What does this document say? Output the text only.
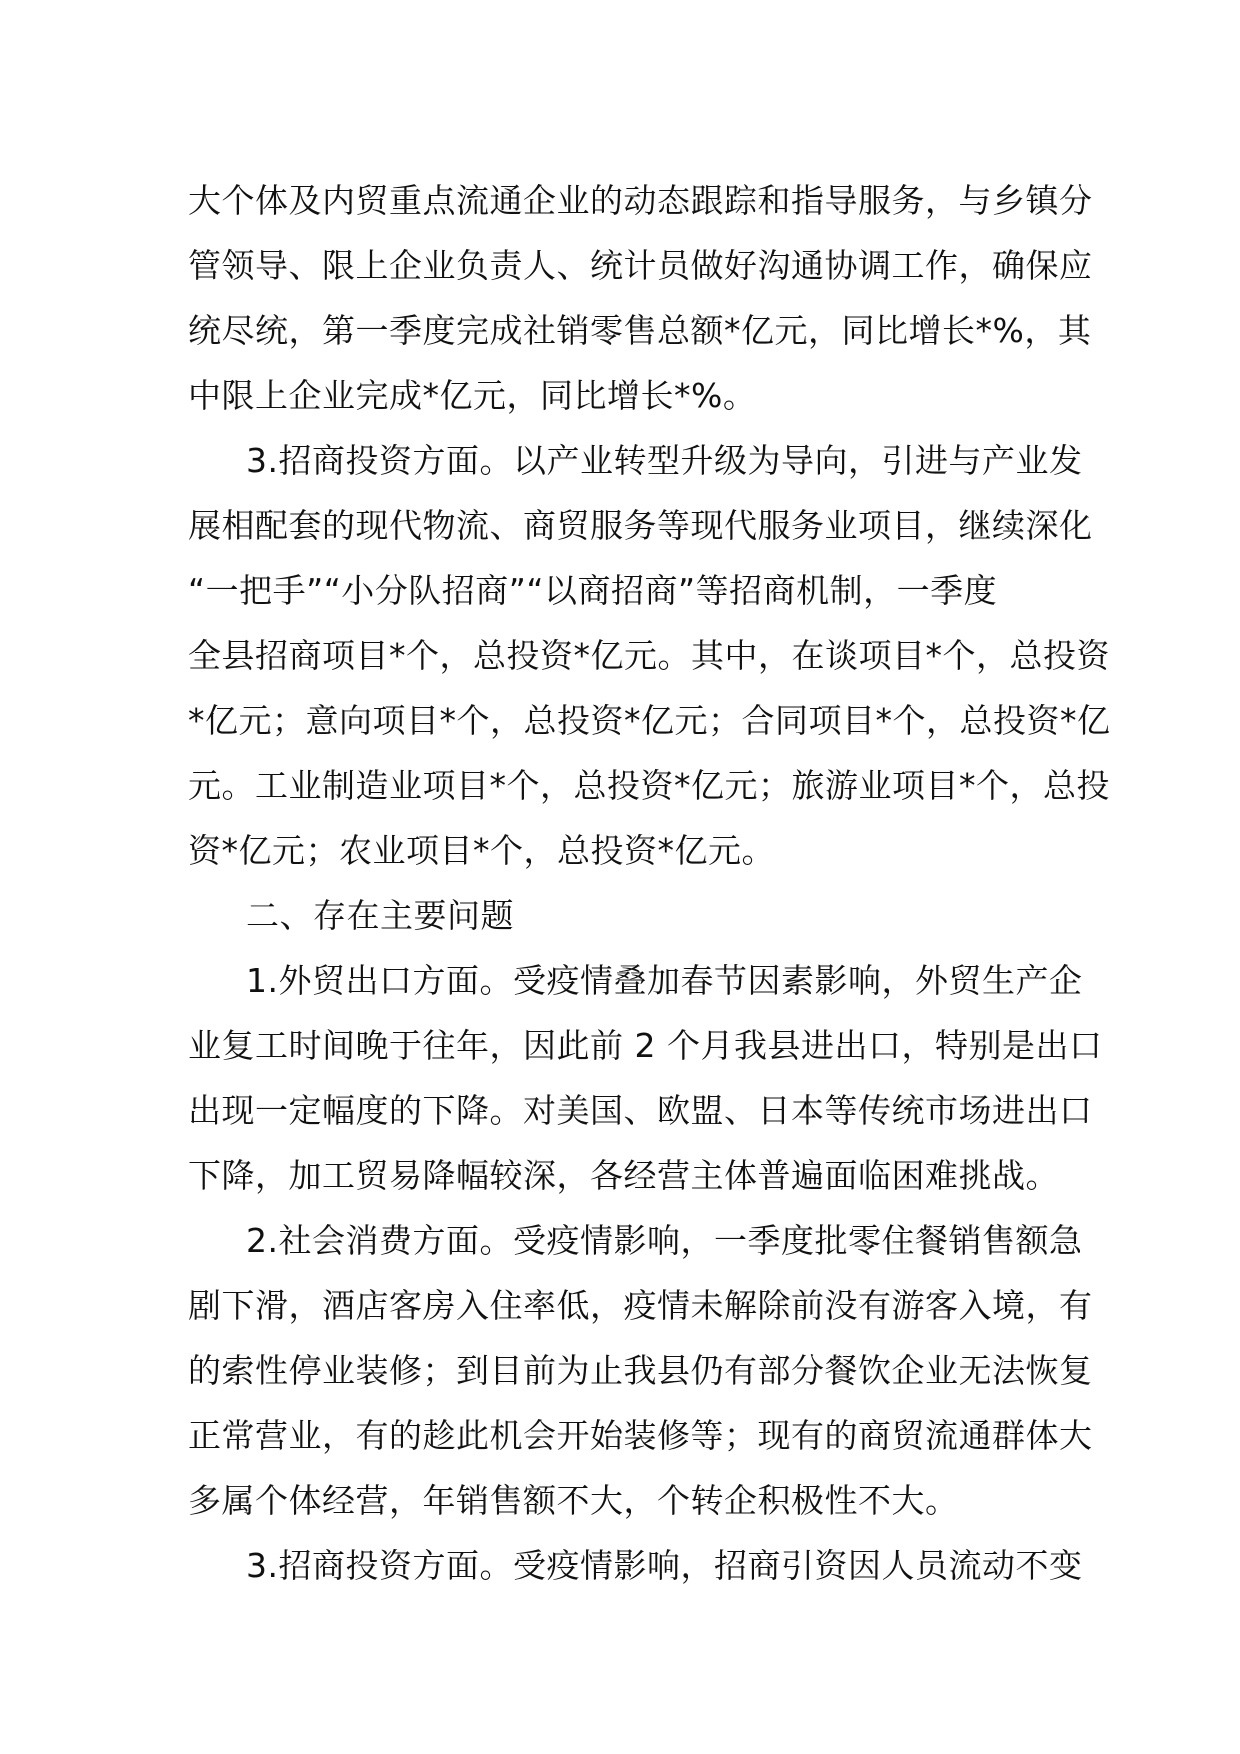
大个体及内贸重点流通企业的动态跟踪和指导服务，与乡镇分
管领导、限上企业负责人、统计员做好沟通协调工作，确保应
统尽统，第一季度完成社销零售总额*亿元，同比增长*%，其
中限上企业完成*亿元，同比增长*%。
3.招商投资方面。以产业转型升级为导向，引进与产业发
展相配套的现代物流、商贸服务等现代服务业项目，继续深化
“一把手”“小分队招商”“以商招商”等招商机制，一季度
全县招商项目*个，总投资*亿元。其中，在谈项目*个，总投资
*亿元；意向项目*个，总投资*亿元；合同项目*个，总投资*亿
元。工业制造业项目*个，总投资*亿元；旅游业项目*个，总投
资*亿元；农业项目*个，总投资*亿元。
二、存在主要问题
1.外贸出口方面。受疫情叠加春节因素影响，外贸生产企
业复工时间晚于往年，因此前 2 个月我县进出口，特别是出口
出现一定幅度的下降。对美国、欧盟、日本等传统市场进出口
下降，加工贸易降幅较深，各经营主体普遍面临困难挑战。
2.社会消费方面。受疫情影响，一季度批零住餐销售额急
剧下滑，酒店客房入住率低，疫情未解除前没有游客入境，有
的索性停业装修；到目前为止我县仍有部分餐饮企业无法恢复
正常营业，有的趁此机会开始装修等；现有的商贸流通群体大
多属个体经营，年销售额不大，个转企积极性不大。
3.招商投资方面。受疫情影响，招商引资因人员流动不变
